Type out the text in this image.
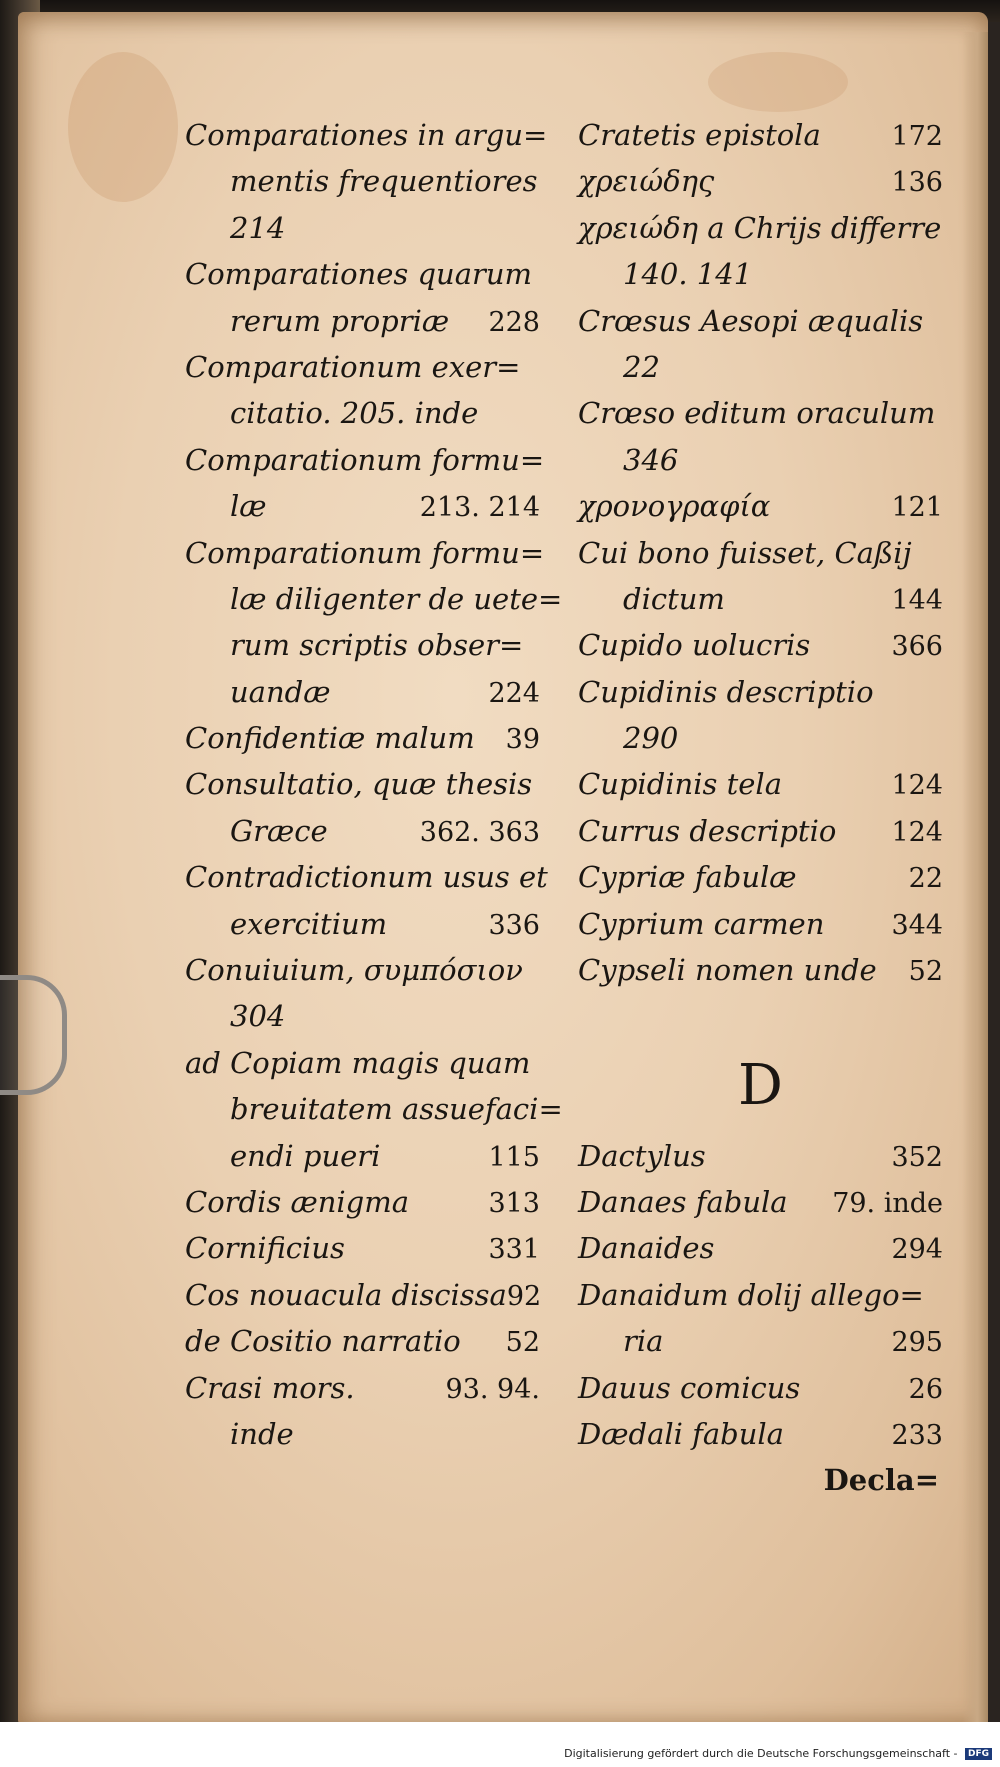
Comparationes in argu=
mentis frequentiores
214
Comparationes quarum
rerum propriæ 228
Comparationum exer=
citatio. 205. inde
Comparationum formu=
læ	213. 214
Comparationum formu=
læ diligenter de uete=
rum scriptis obser=
uandæ	224
Confidentiæ malum 39
Consultatio, quæ thesis
Græce	362. 363
Contradictionum usus et
exercitium	336
Conuiuium, συμπόσιον
304
ad Copiam magis quam
breuitatem assuefaci=
endi pueri	115
Cordis ænigma	313
Cornificius	331
Cos nouacula discissa 92
de Cositio narratio 52
Crasi mors.	93. 94.
inde
Cratetis epistola	172
χρειώδης	136
χρειώδη a Chrijs differre
140. 141
Crœsus Aesopi æqualis
22
Crœso editum oraculum
346
χρονογραφία	121
Cui bono fuisset, Caßij
dictum	144
Cupido uolucris	366
Cupidinis descriptio
290
Cupidinis tela	124
Currus descriptio 124
Cypriæ fabulæ	22
Cyprium carmen 344
Cypseli nomen unde 52
D
Dactylus	352
Danaes fabula 79. inde
Danaides	294
Danaidum dolij allego=
ria	295
Dauus comicus	26
Dædali fabula	233
Decla=
Digitalisierung gefördert durch die Deutsche Forschungsgemeinschaft - DFG
